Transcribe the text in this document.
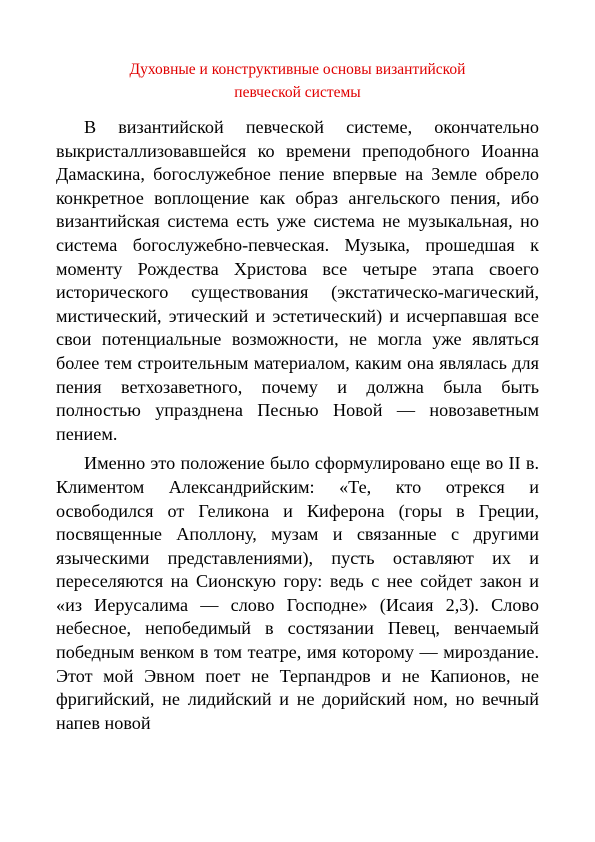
Духовные и конструктивные основы византийской
певческой системы

В византийской певческой системе, окончательно выкристаллизовавшейся ко времени преподобного Иоанна Дамаскина, богослужебное пение впервые на Земле обрело конкретное воплощение как образ ангельского пения, ибо византийская система есть уже система не музыкальная, но система богослужебно-певческая. Музыка, прошедшая к моменту Рождества Христова все четыре этапа своего исторического существования (экстатическо-магический, мистический, этический и эстетический) и исчерпавшая все свои потенциальные возможности, не могла уже являться более тем строительным материалом, каким она являлась для пения ветхозаветного, почему и должна была быть полностью упразднена Песнью Новой — новозаветным пением.

Именно это положение было сформулировано еще во II в. Климентом Александрийским: «Те, кто отрекся и освободился от Геликона и Киферона (горы в Греции, посвященные Аполлону, музам и связанные с другими языческими представлениями), пусть оставляют их и переселяются на Сионскую гору: ведь с нее сойдет закон и «из Иерусалима — слово Господне» (Исаия 2,3). Слово небесное, непобедимый в состязании Певец, венчаемый победным венком в том театре, имя которому — мироздание. Этот мой Эвном поет не Терпандров и не Капионов, не фригийский, не лидийский и не дорийский ном, но вечный напев новой
